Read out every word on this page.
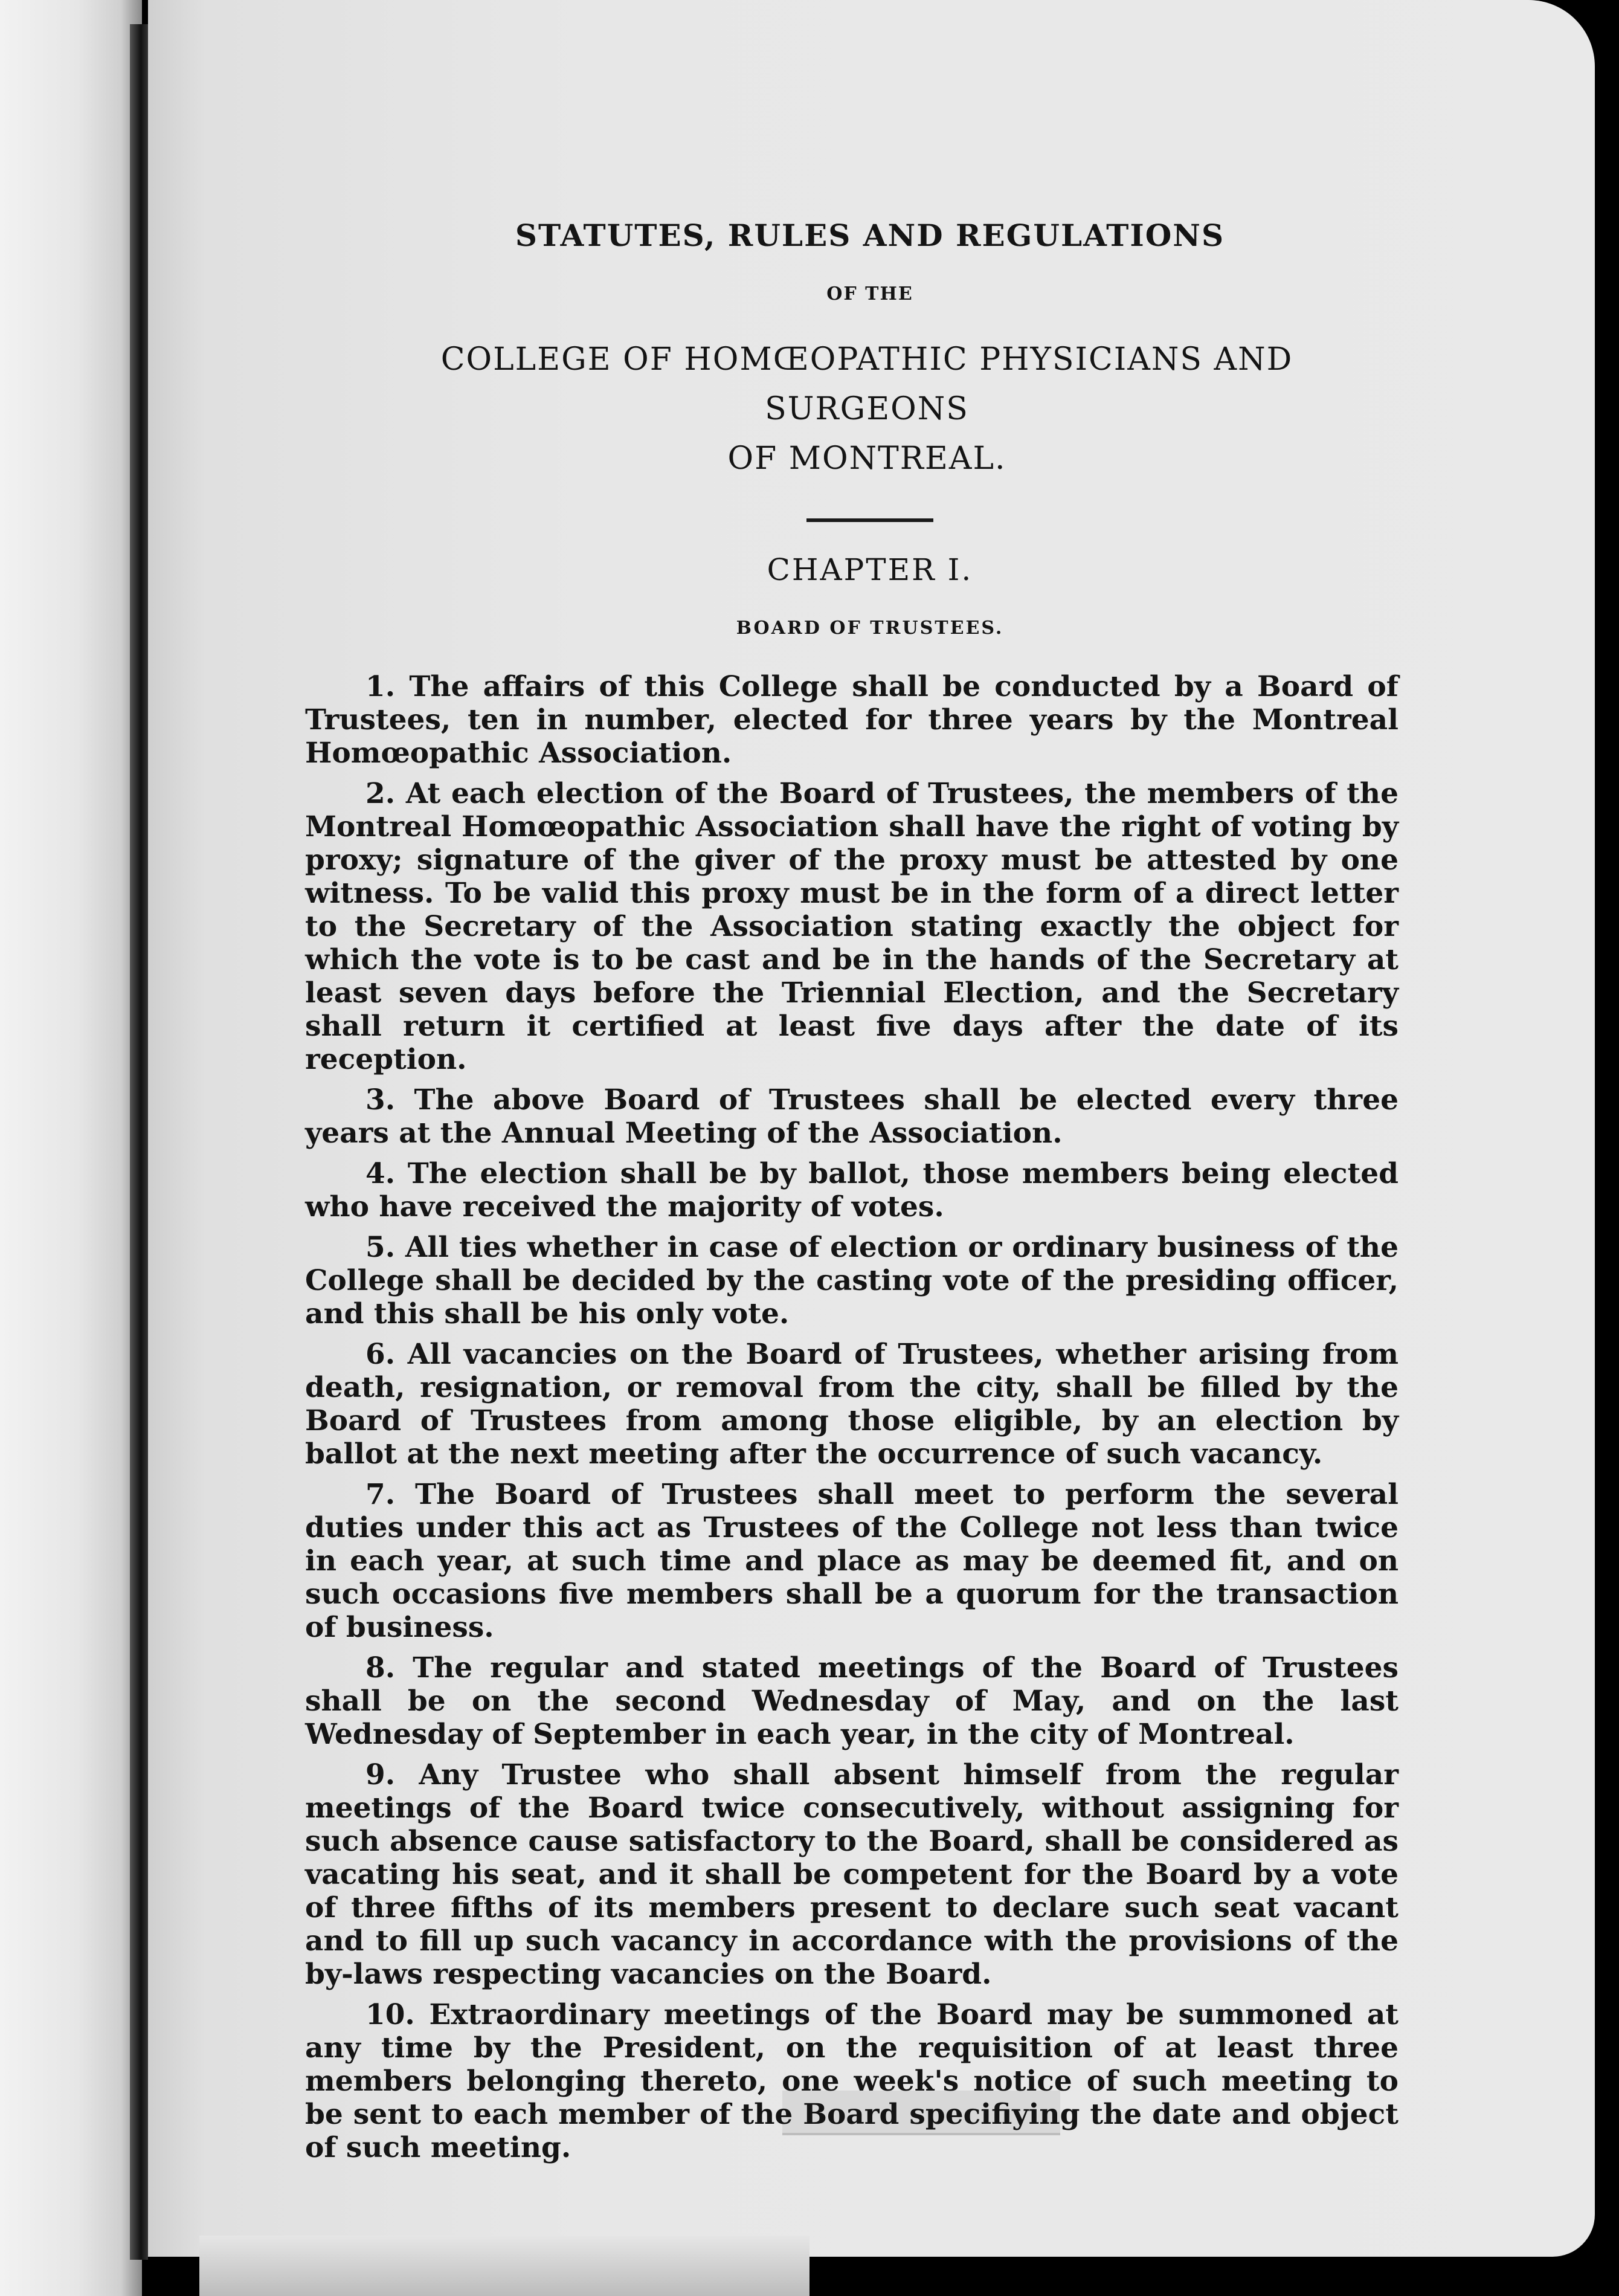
STATUTES, RULES AND REGULATIONS
OF THE
COLLEGE OF HOMŒOPATHIC PHYSICIANS AND SURGEONS
OF MONTREAL.
CHAPTER I.
BOARD OF TRUSTEES.

1. The affairs of this College shall be conducted by a Board of Trustees, ten in number, elected for three years by the Montreal Homœopathic Association.

2. At each election of the Board of Trustees, the members of the Montreal Homœopathic Association shall have the right of voting by proxy; signature of the giver of the proxy must be attested by one witness. To be valid this proxy must be in the form of a direct letter to the Secretary of the Association stating exactly the object for which the vote is to be cast and be in the hands of the Secretary at least seven days before the Triennial Election, and the Secretary shall return it certified at least five days after the date of its reception.

3. The above Board of Trustees shall be elected every three years at the Annual Meeting of the Association.

4. The election shall be by ballot, those members being elected who have received the majority of votes.

5. All ties whether in case of election or ordinary business of the College shall be decided by the casting vote of the presiding officer, and this shall be his only vote.

6. All vacancies on the Board of Trustees, whether arising from death, resignation, or removal from the city, shall be filled by the Board of Trustees from among those eligible, by an election by ballot at the next meeting after the occurrence of such vacancy.

7. The Board of Trustees shall meet to perform the several duties under this act as Trustees of the College not less than twice in each year, at such time and place as may be deemed fit, and on such occasions five members shall be a quorum for the transaction of business.

8. The regular and stated meetings of the Board of Trustees shall be on the second Wednesday of May, and on the last Wednesday of September in each year, in the city of Montreal.

9. Any Trustee who shall absent himself from the regular meetings of the Board twice consecutively, without assigning for such absence cause satisfactory to the Board, shall be considered as vacating his seat, and it shall be competent for the Board by a vote of three fifths of its members present to declare such seat vacant and to fill up such vacancy in accordance with the provisions of the by-laws respecting vacancies on the Board.

10. Extraordinary meetings of the Board may be summoned at any time by the President, on the requisition of at least three members belonging thereto, one week's notice of such meeting to be sent to each member of the Board specifiying the date and object of such meeting.
